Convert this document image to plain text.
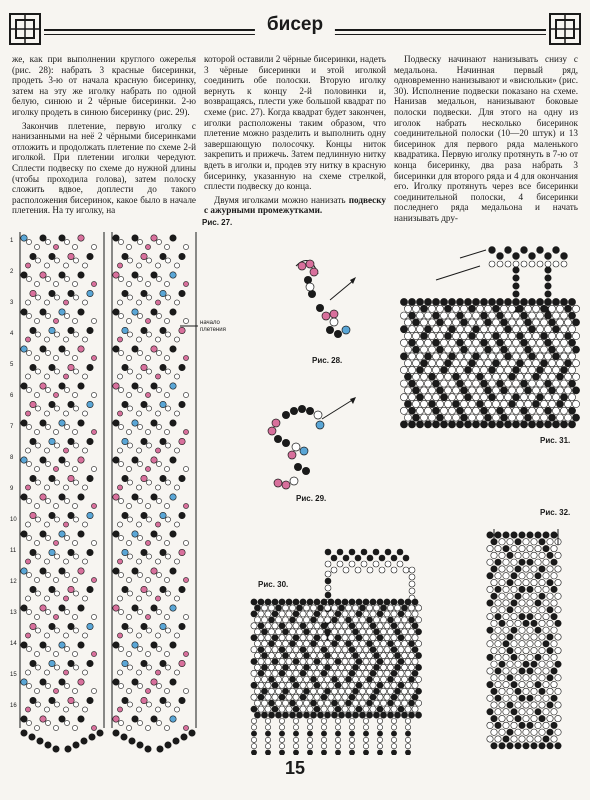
бисер

же, как при выполнении круглого ожерелья (рис. 28): набрать 3 красные бисеринки, продеть 3-ю от начала красную бисеринку, затем на эту же иголку набрать по одной белую, синюю и 2 чёрные бисеринки. 2-ю иголку продеть в синюю бисеринку (рис. 29).

Закончив плетение, первую иголку с нанизанными на неё 2 чёрными бисеринками отложить и продолжать плетение по схеме 2-й иголкой. При плетении иголки чередуют. Сплести подвеску по схеме до нужной длины (чтобы проходила голова), затем полоску сложить вдвое, доплести до такого расположения бисеринок, какое было в начале плетения. На ту иголку, на

которой оставили 2 чёрные бисеринки, надеть 3 чёрные бисеринки и этой иголкой соединить обе полоски. Вторую иголку вернуть к концу 2-й половинки и, возвращаясь, плести уже большой квадрат по схеме (рис. 27). Когда квадрат будет закончен, иголки расположены таким образом, что плетение можно разделить и выполнить одну завершающую полосочку. Концы ниток закрепить и прижечь. Затем педлинную нитку вдеть в иголки и, продев эту нитку в красную бисеринку, указанную на схеме стрелкой, сплести подвеску до конца.

Двумя иголками можно нанизать подвеску с ажурными промежутками.

Подвеску начинают нанизывать снизу с медальона. Начинная первый ряд, одновременно нанизывают и «висюльки» (рис. 30). Исполнение подвески показано на схеме. Нанизав медальон, нанизывают боковые полоски подвески. Для этого на одну из иголок набрать несколько бисеринок соединительной полоски (10—20 штук) и 13 бисеринок для первого ряда маленького квадратика. Первую иголку протянуть в 7-ю от конца бисеринку, два раза набрать 3 бисеринки для второго ряда и 4 для окончания его. Иголку протянуть через все бисеринки соединительной полоски, 4 бисеринки последнего ряда медальона и начать нанизывать дру-

1
2
3
4
5
6
7
8
9
10
11
12
13
14
15
16
Рис. 27.
начало
плетения
Рис. 28.
Рис. 29.
Рис. 30.
Рис. 31.
Рис. 32.
15
